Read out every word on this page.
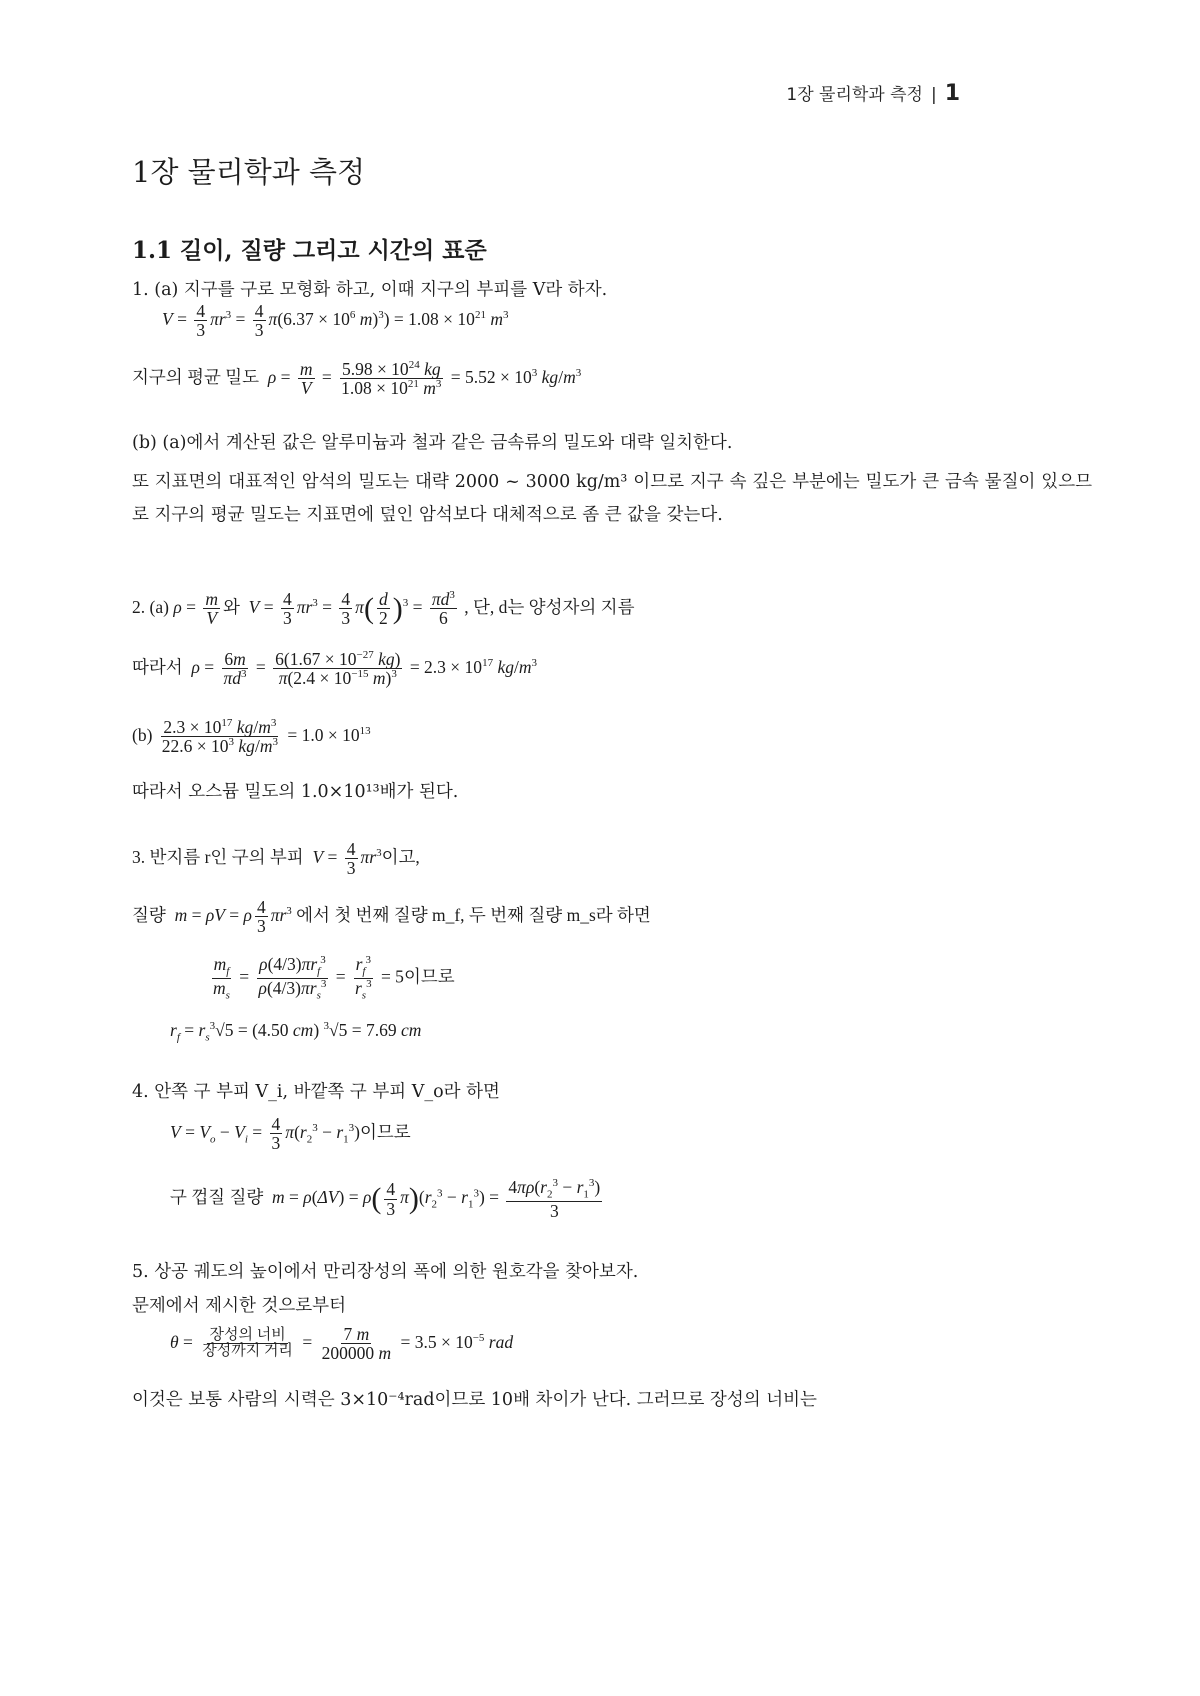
1장 물리학과 측정 | 1
1장 물리학과 측정
1.1 길이, 질량 그리고 시간의 표준
1. (a) 지구를 구로 모형화 하고, 이때 지구의 부피를 V라 하자.
$V = \frac{4}{3} \pi r^3 = \frac{4}{3} \pi(6.37 \times 10^6$ $m)^3) = 1.08 \times 10^{21}$ $m^3$
지구의 평균 밀도 $\rho = \frac{m}{V} = \frac{5.98 \times 10^{24} kg}{1.08 \times 10^{21} m^3} = 5.52 \times 10^3$ $kg/m^3$
(b) (a)에서 계산된 값은 알루미늄과 철과 같은 금속류의 밀도와 대략 일치한다.
또 지표면의 대표적인 암석의 밀도는 대략 2000 ~ 3000 kg/m³ 이므로 지구 속 깊은 부분에는 밀도가 큰 금속 물질이 있으므로 지구의 평균 밀도는 지표면에 덮인 암석보다 대체적으로 좀 큰 값을 갖는다.
2. (a) $\rho = \frac{m}{V}$ 와 $V = \frac{4}{3} \pi r^3 = \frac{4}{3} \pi( \frac{d}{2} )^3 = \frac{\pi d^3}{6}$ , 단, d는 양성자의 지름
따라서 $\rho = \frac{6m}{\pi d^3} = \frac{6(1.67 \times 10^{-27} kg)}{\pi(2.4 \times 10^{-15} m)^3} = 2.3 \times 10^{17}$ $kg/m^3$
$(b) \frac{2.3 \times 10^{17} kg/m^3}{22.6 \times 10^3 kg/m^3} = 1.0 \times 10^{13}$
따라서 오스뮴 밀도의 1.0×10¹³배가 된다.
3. 반지름 r인 구의 부피 $V = \frac{4}{3} \pi r^3$이고,
질량 m = ρV = ρ $\frac{4}{3} \pi r^3$ 에서 첫 번째 질량 m_f, 두 번째 질량 m_s라 하면
$\frac{m_f}{m_s}$ =
$\rho(4/3)\pi r_f^3$
$\rho(4/3)\pi r_s^3 = \frac{r_f^3}{r_s^3} = 5$이므로
$r_f = r_s^3√5 = (4.50$ cm) $^3$√5 = 7.69 cm
4. 안쪽 구 부피 V_i, 바깥쪽 구 부피 V_o라 하면
$V = V_o - V_i = \frac{4}{3} \pi(r_2^3 - r_1^3)$이므로
구 껍질 질량 $m = \rho(\Delta V) = \rho( \frac{4}{3} \pi)(r_2^3 - r_1^3) = \frac{4\pi\rho(r_2^3 - r_1^3)}{3}$
5. 상공 궤도의 높이에서 만리장성의 폭에 의한 원호각을 찾아보자.
문제에서 제시한 것으로부터
θ = 장성의 너비
장성까지 거리 = $\frac{7 m}{200000 m} = 3.5 \times 10^{-5}$ rad
이것은 보통 사람의 시력은 3×10⁻⁴rad이므로 10배 차이가 난다. 그러므로 장성의 너비는
